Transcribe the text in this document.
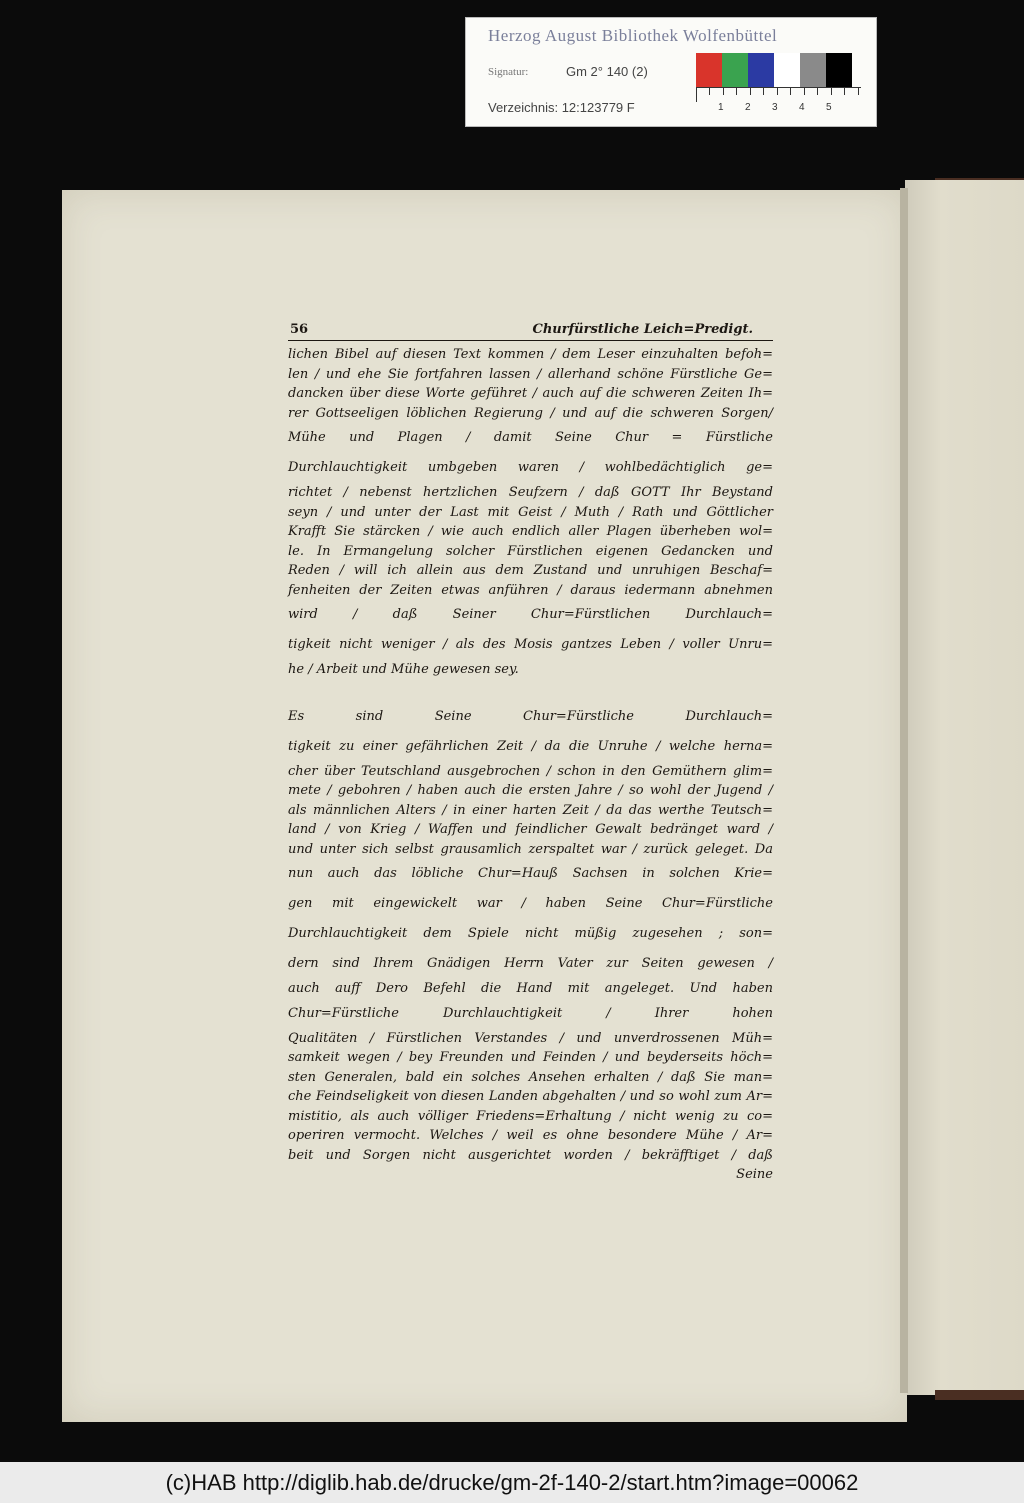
Herzog August Bibliothek Wolfenbüttel
Signatur:	Gm 2° 140 (2)
Verzeichnis: 12:123779 F	1 2 3 4 5
56	Churfürstliche Leich=Predigt.
lichen Bibel auf diesen Text kommen / dem Leser einzuhalten befoh=
len / und ehe Sie fortfahren lassen / allerhand schöne Fürstliche Ge=
dancken über diese Worte geführet / auch auf die schweren Zeiten Ih=
rer Gottseeligen löblichen Regierung / und auf die schweren Sorgen/
Mühe und Plagen / damit Seine Chur = Fürstliche
Durchlauchtigkeit umbgeben waren / wohlbedächtiglich ge=
richtet / nebenst hertzlichen Seufzern / daß GOTT Ihr Beystand
seyn / und unter der Last mit Geist / Muth / Rath und Göttlicher
Krafft Sie stärcken / wie auch endlich aller Plagen überheben wol=
le. In Ermangelung solcher Fürstlichen eigenen Gedancken und
Reden / will ich allein aus dem Zustand und unruhigen Beschaf=
fenheiten der Zeiten etwas anführen / daraus iedermann abnehmen
wird / daß Seiner Chur=Fürstlichen Durchlauch=
tigkeit nicht weniger / als des Mosis gantzes Leben / voller Unru=
he / Arbeit und Mühe gewesen sey.
Es sind Seine Chur=Fürstliche Durchlauch=
tigkeit zu einer gefährlichen Zeit / da die Unruhe / welche herna=
cher über Teutschland ausgebrochen / schon in den Gemüthern glim=
mete / gebohren / haben auch die ersten Jahre / so wohl der Jugend /
als männlichen Alters / in einer harten Zeit / da das werthe Teutsch=
land / von Krieg / Waffen und feindlicher Gewalt bedränget ward /
und unter sich selbst grausamlich zerspaltet war / zurück geleget. Da
nun auch das löbliche Chur=Hauß Sachsen in solchen Krie=
gen mit eingewickelt war / haben Seine Chur=Fürstliche
Durchlauchtigkeit dem Spiele nicht müßig zugesehen ; son=
dern sind Ihrem Gnädigen Herrn Vater zur Seiten gewesen /
auch auff Dero Befehl die Hand mit angeleget. Und haben
Chur=Fürstliche Durchlauchtigkeit / Ihrer hohen
Qualitäten / Fürstlichen Verstandes / und unverdrossenen Müh=
samkeit wegen / bey Freunden und Feinden / und beyderseits höch=
sten Generalen, bald ein solches Ansehen erhalten / daß Sie man=
che Feindseligkeit von diesen Landen abgehalten / und so wohl zum Ar=
mistitio, als auch völliger Friedens=Erhaltung / nicht wenig zu co=
operiren vermocht. Welches / weil es ohne besondere Mühe / Ar=
beit und Sorgen nicht ausgerichtet worden / bekräfftiget / daß
Seine
(c)HAB http://diglib.hab.de/drucke/gm-2f-140-2/start.htm?image=00062
